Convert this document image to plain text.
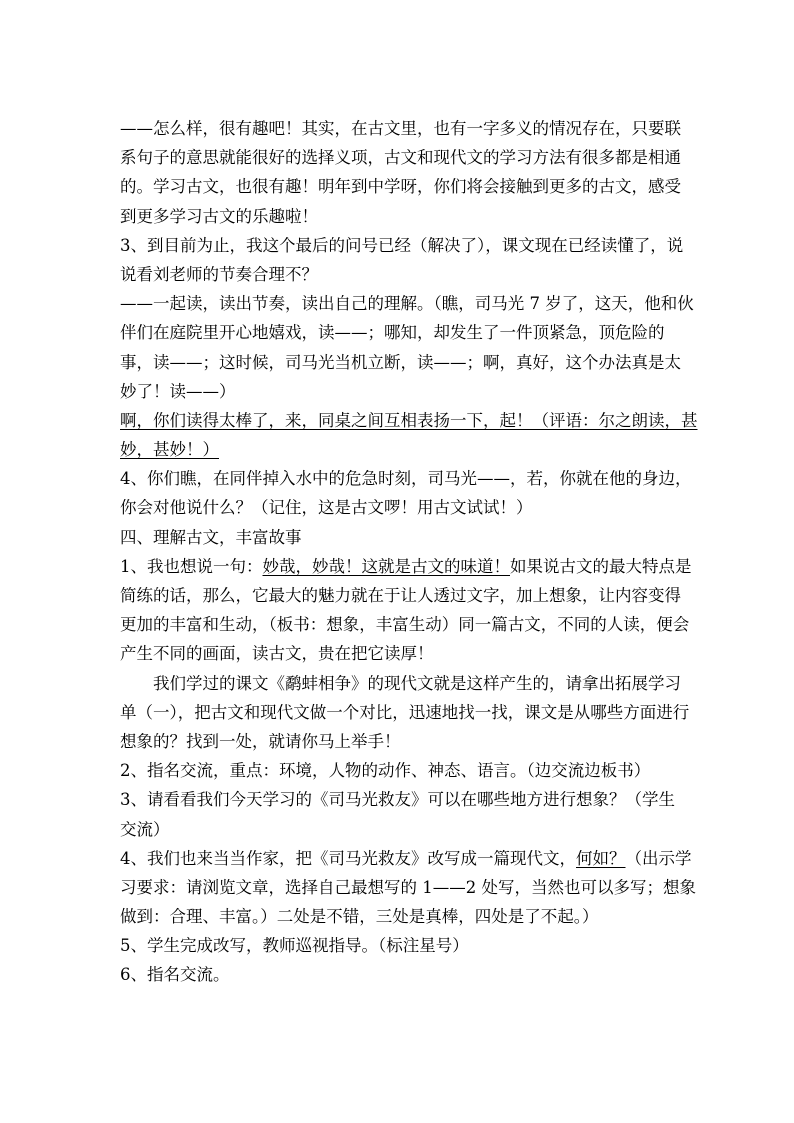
——怎么样，很有趣吧！其实，在古文里，也有一字多义的情况存在，只要联
系句子的意思就能很好的选择义项，古文和现代文的学习方法有很多都是相通
的。学习古文，也很有趣！明年到中学呀，你们将会接触到更多的古文，感受
到更多学习古文的乐趣啦！
3、到目前为止，我这个最后的问号已经（解决了），课文现在已经读懂了，说
说看刘老师的节奏合理不？
——一起读，读出节奏，读出自己的理解。（瞧，司马光 7 岁了，这天，他和伙
伴们在庭院里开心地嬉戏，读——；哪知，却发生了一件顶紧急，顶危险的
事，读——；这时候，司马光当机立断，读——；啊，真好，这个办法真是太
妙了！读——）
啊，你们读得太棒了，来，同桌之间互相表扬一下，起！（评语：尔之朗读，甚
妙，甚妙！）
4、你们瞧，在同伴掉入水中的危急时刻，司马光——，若，你就在他的身边，
你会对他说什么？（记住，这是古文啰！用古文试试！）
四、理解古文，丰富故事
1、我也想说一句：妙哉，妙哉！这就是古文的味道！如果说古文的最大特点是
简练的话，那么，它最大的魅力就在于让人透过文字，加上想象，让内容变得
更加的丰富和生动，（板书：想象，丰富生动）同一篇古文，不同的人读，便会
产生不同的画面，读古文，贵在把它读厚！
我们学过的课文《鹬蚌相争》的现代文就是这样产生的，请拿出拓展学习
单（一），把古文和现代文做一个对比，迅速地找一找，课文是从哪些方面进行
想象的？找到一处，就请你马上举手！
2、指名交流，重点：环境，人物的动作、神态、语言。（边交流边板书）
3、请看看我们今天学习的《司马光救友》可以在哪些地方进行想象？（学生
交流）
4、我们也来当当作家，把《司马光救友》改写成一篇现代文，何如？（出示学
习要求：请浏览文章，选择自己最想写的 1——2 处写，当然也可以多写；想象
做到：合理、丰富。）二处是不错，三处是真棒，四处是了不起。）
5、学生完成改写，教师巡视指导。（标注星号）
6、指名交流。
